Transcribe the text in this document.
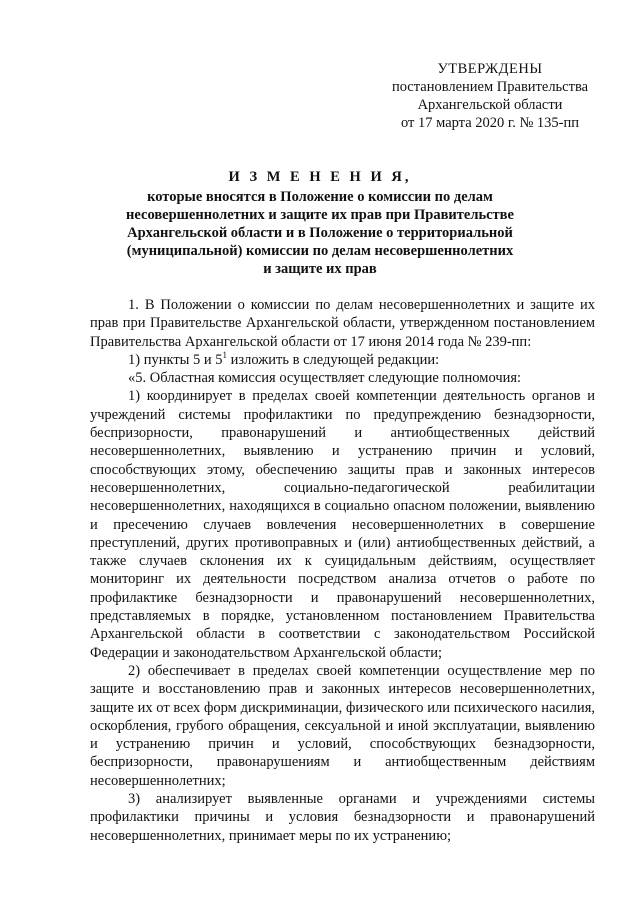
УТВЕРЖДЕНЫ
постановлением Правительства
Архангельской области
от 17 марта 2020 г. № 135-пп
И З М Е Н Е Н И Я,
которые вносятся в Положение о комиссии по делам
несовершеннолетних и защите их прав при Правительстве
Архангельской области и в Положение о территориальной
(муниципальной) комиссии по делам несовершеннолетних
и защите их прав

1. В Положении о комиссии по делам несовершеннолетних и защите их прав при Правительстве Архангельской области, утвержденном постановлением Правительства Архангельской области от 17 июня 2014 года № 239-пп:

1) пункты 5 и $5^1$ изложить в следующей редакции:

«5. Областная комиссия осуществляет следующие полномочия:

1) координирует в пределах своей компетенции деятельность органов и учреждений системы профилактики по предупреждению безнадзорности, беспризорности, правонарушений и антиобщественных действий несовершеннолетних, выявлению и устранению причин и условий, способствующих этому, обеспечению защиты прав и законных интересов несовершеннолетних, социально-педагогической реабилитации несовершеннолетних, находящихся в социально опасном положении, выявлению и пресечению случаев вовлечения несовершеннолетних в совершение преступлений, других противоправных и (или) антиобщественных действий, а также случаев склонения их к суицидальным действиям, осуществляет мониторинг их деятельности посредством анализа отчетов о работе по профилактике безнадзорности и правонарушений несовершеннолетних, представляемых в порядке, установленном постановлением Правительства Архангельской области в соответствии с законодательством Российской Федерации и законодательством Архангельской области;

2) обеспечивает в пределах своей компетенции осуществление мер по защите и восстановлению прав и законных интересов несовершеннолетних, защите их от всех форм дискриминации, физического или психического насилия, оскорбления, грубого обращения, сексуальной и иной эксплуатации, выявлению и устранению причин и условий, способствующих безнадзорности, беспризорности, правонарушениям и антиобщественным действиям несовершеннолетних;

3) анализирует выявленные органами и учреждениями системы профилактики причины и условия безнадзорности и правонарушений несовершеннолетних, принимает меры по их устранению;
